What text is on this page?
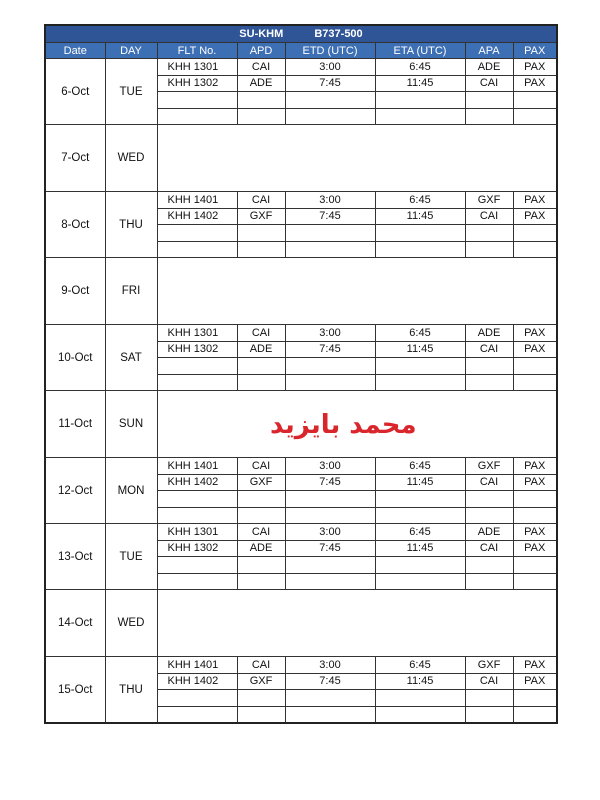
SU-KHM B737-500							
Date	DAY	FLT No.	APD	ETD (UTC)	ETA (UTC)	APA	PAX
6-Oct	TUE	KHH 1301	CAI	3:00	6:45	ADE	PAX
		KHH 1302	ADE	7:45	11:45	CAI	PAX

7-Oct	WED						
8-Oct	THU	KHH 1401	CAI	3:00	6:45	GXF	PAX
		KHH 1402	GXF	7:45	11:45	CAI	PAX

9-Oct	FRI						
10-Oct	SAT	KHH 1301	CAI	3:00	6:45	ADE	PAX
		KHH 1302	ADE	7:45	11:45	CAI	PAX

11-Oct	SUN						
12-Oct	MON	KHH 1401	CAI	3:00	6:45	GXF	PAX
		KHH 1402	GXF	7:45	11:45	CAI	PAX

13-Oct	TUE	KHH 1301	CAI	3:00	6:45	ADE	PAX
		KHH 1302	ADE	7:45	11:45	CAI	PAX

14-Oct	WED						
15-Oct	THU	KHH 1401	CAI	3:00	6:45	GXF	PAX
		KHH 1402	GXF	7:45	11:45	CAI	PAX

محمد بايزيد
